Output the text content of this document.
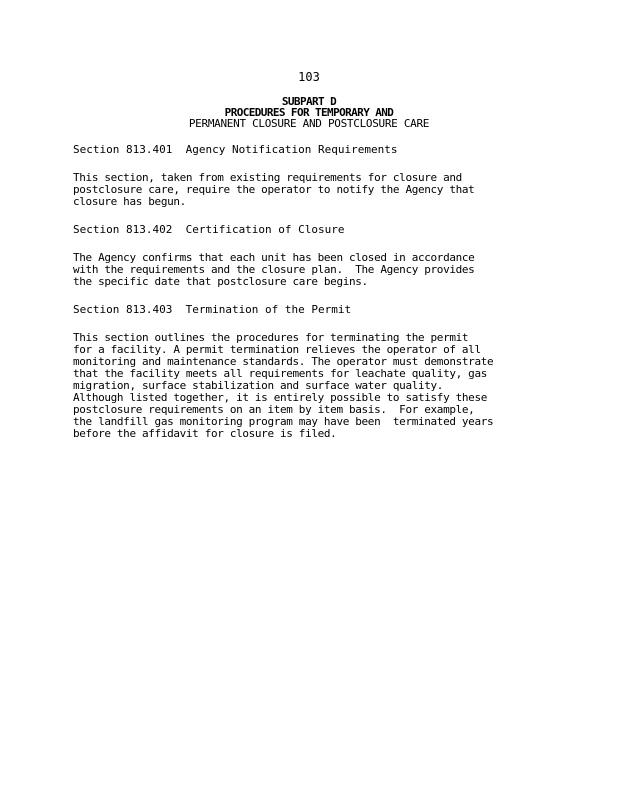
103
SUBPART D
PROCEDURES FOR TEMPORARY AND
PERMANENT CLOSURE AND POSTCLOSURE CARE
Section 813.401  Agency Notification Requirements
This section, taken from existing requirements for closure and
postclosure care, require the operator to notify the Agency that
closure has begun.
Section 813.402  Certification of Closure
The Agency confirms that each unit has been closed in accordance
with the requirements and the closure plan.  The Agency provides
the specific date that postclosure care begins.
Section 813.403  Termination of the Permit
This section outlines the procedures for terminating the permit
for a facility. A permit termination relieves the operator of all
monitoring and maintenance standards. The operator must demonstrate
that the facility meets all requirements for leachate quality, gas
migration, surface stabilization and surface water quality.
Although listed together, it is entirely possible to satisfy these
postclosure requirements on an item by item basis.  For example,
the landfill gas monitoring program may have been  terminated years
before the affidavit for closure is filed.
